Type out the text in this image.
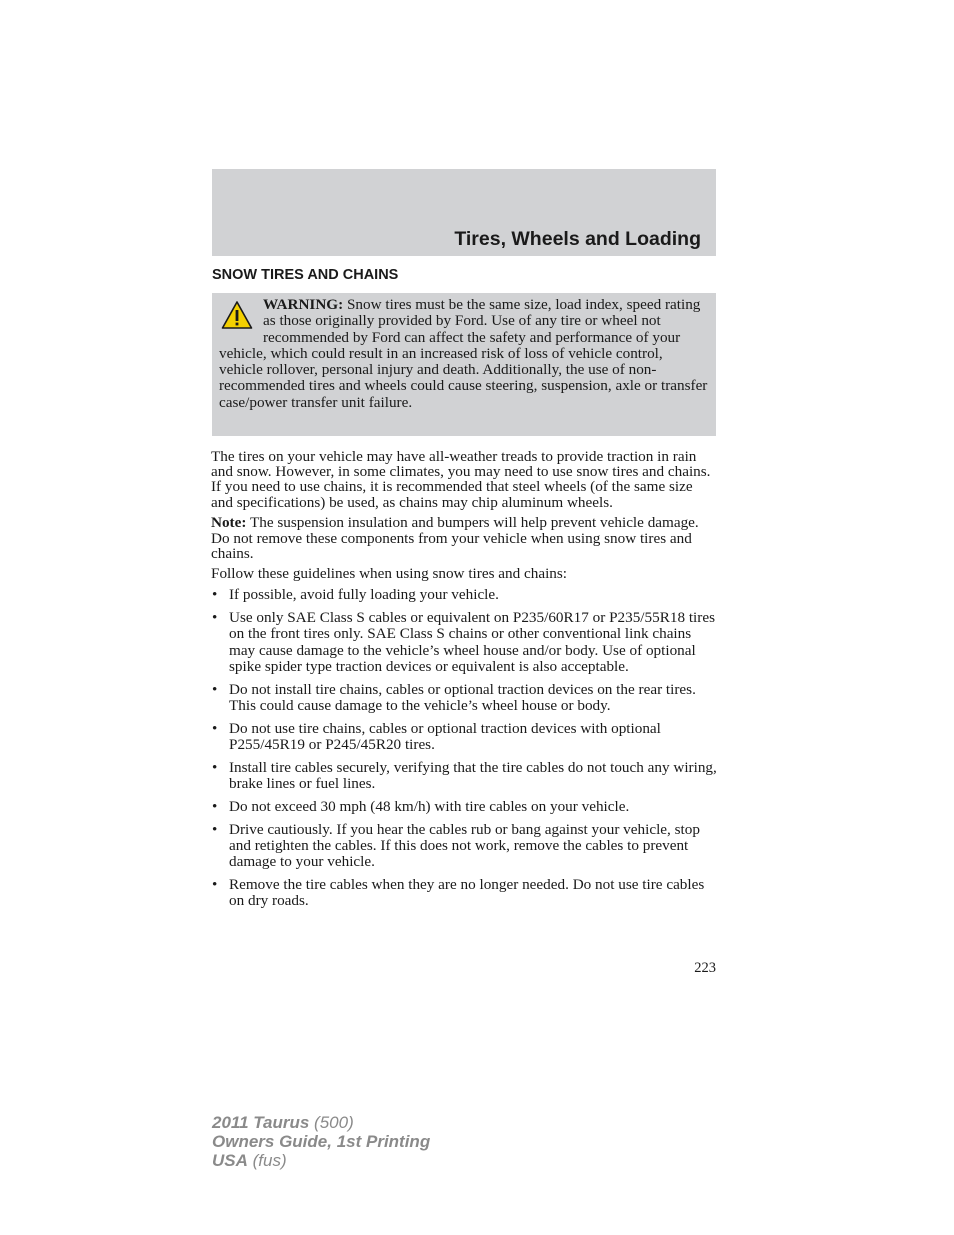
Tires, Wheels and Loading
SNOW TIRES AND CHAINS
WARNING: Snow tires must be the same size, load index, speed rating as those originally provided by Ford. Use of any tire or wheel not recommended by Ford can affect the safety and performance of your vehicle, which could result in an increased risk of loss of vehicle control, vehicle rollover, personal injury and death. Additionally, the use of non-recommended tires and wheels could cause steering, suspension, axle or transfer case/power transfer unit failure.

The tires on your vehicle may have all-weather treads to provide traction in rain and snow. However, in some climates, you may need to use snow tires and chains. If you need to use chains, it is recommended that steel wheels (of the same size and specifications) be used, as chains may chip aluminum wheels.

Note: The suspension insulation and bumpers will help prevent vehicle damage. Do not remove these components from your vehicle when using snow tires and chains.

Follow these guidelines when using snow tires and chains:

• If possible, avoid fully loading your vehicle.
• Use only SAE Class S cables or equivalent on P235/60R17 or P235/55R18 tires on the front tires only. SAE Class S chains or other conventional link chains may cause damage to the vehicle’s wheel house and/or body. Use of optional spike spider type traction devices or equivalent is also acceptable.
• Do not install tire chains, cables or optional traction devices on the rear tires. This could cause damage to the vehicle’s wheel house or body.
• Do not use tire chains, cables or optional traction devices with optional P255/45R19 or P245/45R20 tires.
• Install tire cables securely, verifying that the tire cables do not touch any wiring, brake lines or fuel lines.
• Do not exceed 30 mph (48 km/h) with tire cables on your vehicle.
• Drive cautiously. If you hear the cables rub or bang against your vehicle, stop and retighten the cables. If this does not work, remove the cables to prevent damage to your vehicle.
• Remove the tire cables when they are no longer needed. Do not use tire cables on dry roads.
223
2011 Taurus (500)
Owners Guide, 1st Printing
USA (fus)
